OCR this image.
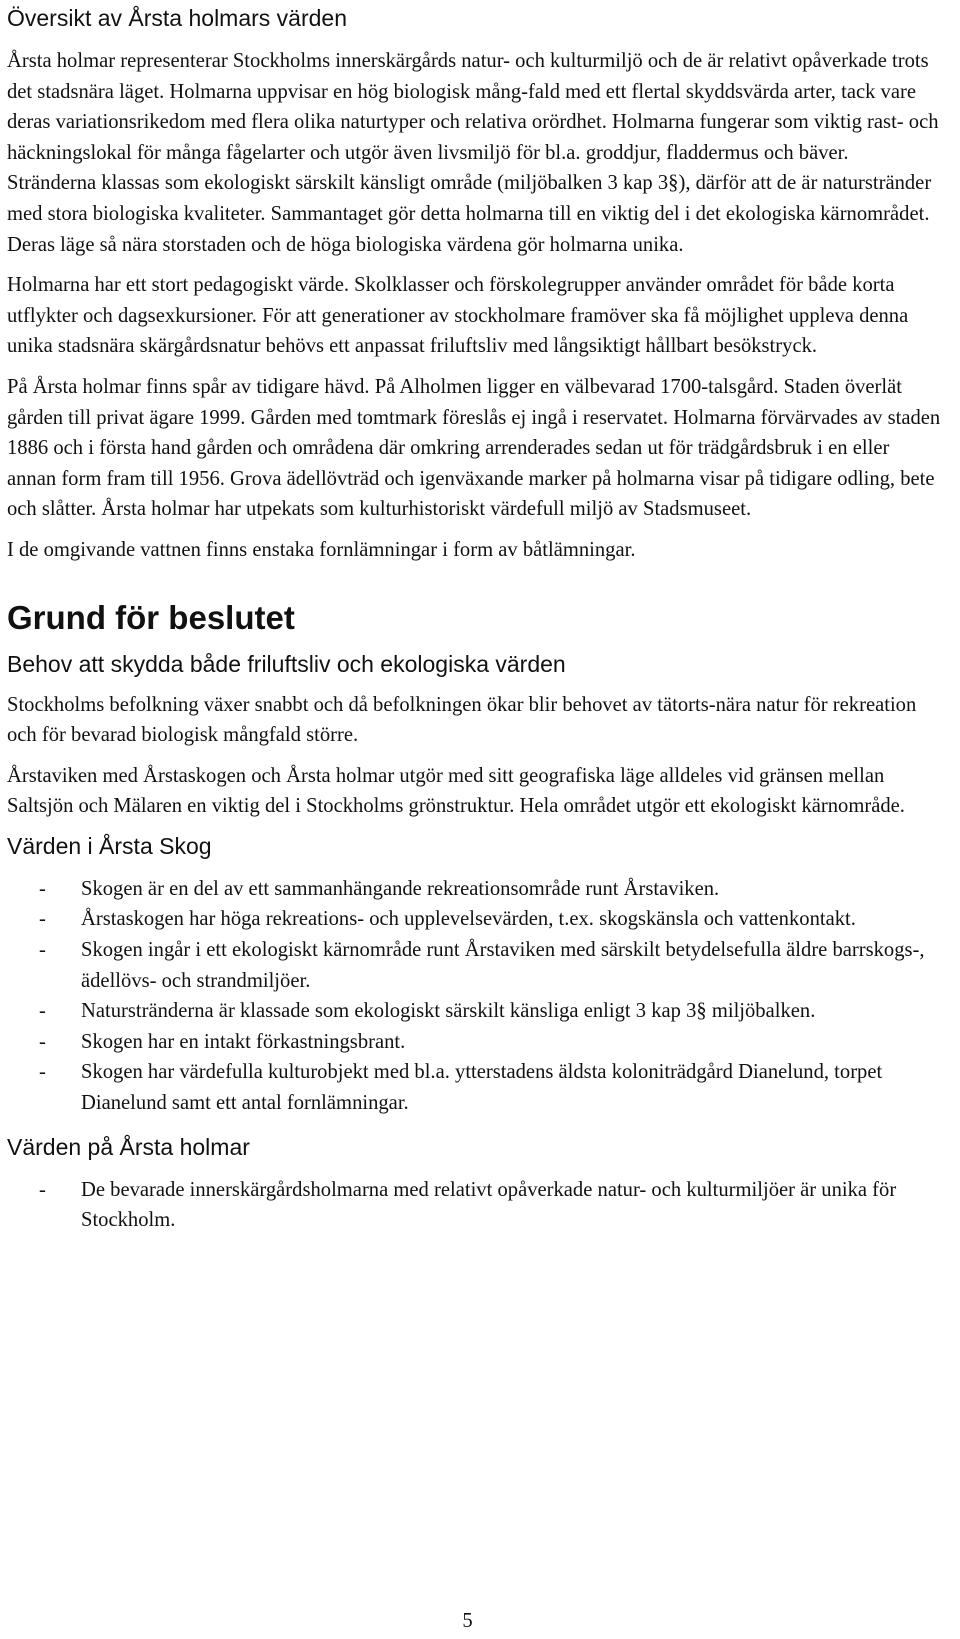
Översikt av Årsta holmars värden

Årsta holmar representerar Stockholms innerskärgårds natur- och kulturmiljö och de är relativt opåverkade trots det stadsnära läget. Holmarna uppvisar en hög biologisk mång-fald med ett flertal skyddsvärda arter, tack vare deras variationsrikedom med flera olika naturtyper och relativa orördhet. Holmarna fungerar som viktig rast- och häckningslokal för många fågelarter och utgör även livsmiljö för bl.a. groddjur, fladdermus och bäver. Stränderna klassas som ekologiskt särskilt känsligt område (miljöbalken 3 kap 3§), därför att de är naturstränder med stora biologiska kvaliteter. Sammantaget gör detta holmarna till en viktig del i det ekologiska kärnområdet. Deras läge så nära storstaden och de höga biologiska värdena gör holmarna unika.

Holmarna har ett stort pedagogiskt värde. Skolklasser och förskolegrupper använder området för både korta utflykter och dagsexkursioner. För att generationer av stockholmare framöver ska få möjlighet uppleva denna unika stadsnära skärgårdsnatur behövs ett anpassat friluftsliv med långsiktigt hållbart besökstryck.

På Årsta holmar finns spår av tidigare hävd. På Alholmen ligger en välbevarad 1700-talsgård. Staden överlät gården till privat ägare 1999. Gården med tomtmark föreslås ej ingå i reservatet. Holmarna förvärvades av staden 1886 och i första hand gården och områdena där omkring arrenderades sedan ut för trädgårdsbruk i en eller annan form fram till 1956. Grova ädellövträd och igenväxande marker på holmarna visar på tidigare odling, bete och slåtter. Årsta holmar har utpekats som kulturhistoriskt värdefull miljö av Stadsmuseet.

I de omgivande vattnen finns enstaka fornlämningar i form av båtlämningar.

Grund för beslutet
Behov att skydda både friluftsliv och ekologiska värden

Stockholms befolkning växer snabbt och då befolkningen ökar blir behovet av tätorts-nära natur för rekreation och för bevarad biologisk mångfald större.

Årstaviken med Årstaskogen och Årsta holmar utgör med sitt geografiska läge alldeles vid gränsen mellan Saltsjön och Mälaren en viktig del i Stockholms grönstruktur. Hela området utgör ett ekologiskt kärnområde.

Värden i Årsta Skog
- Skogen är en del av ett sammanhängande rekreationsområde runt Årstaviken.
- Årstaskogen har höga rekreations- och upplevelsevärden, t.ex. skogskänsla och vattenkontakt.
- Skogen ingår i ett ekologiskt kärnområde runt Årstaviken med särskilt betydelsefulla äldre barrskogs-, ädellövs- och strandmiljöer.
- Naturstränderna är klassade som ekologiskt särskilt känsliga enligt 3 kap 3§ miljöbalken.
- Skogen har en intakt förkastningsbrant.
- Skogen har värdefulla kulturobjekt med bl.a. ytterstadens äldsta koloniträdgård Dianelund, torpet Dianelund samt ett antal fornlämningar.
Värden på Årsta holmar
- De bevarade innerskärgårdsholmarna med relativt opåverkade natur- och kulturmiljöer är unika för Stockholm.
5
